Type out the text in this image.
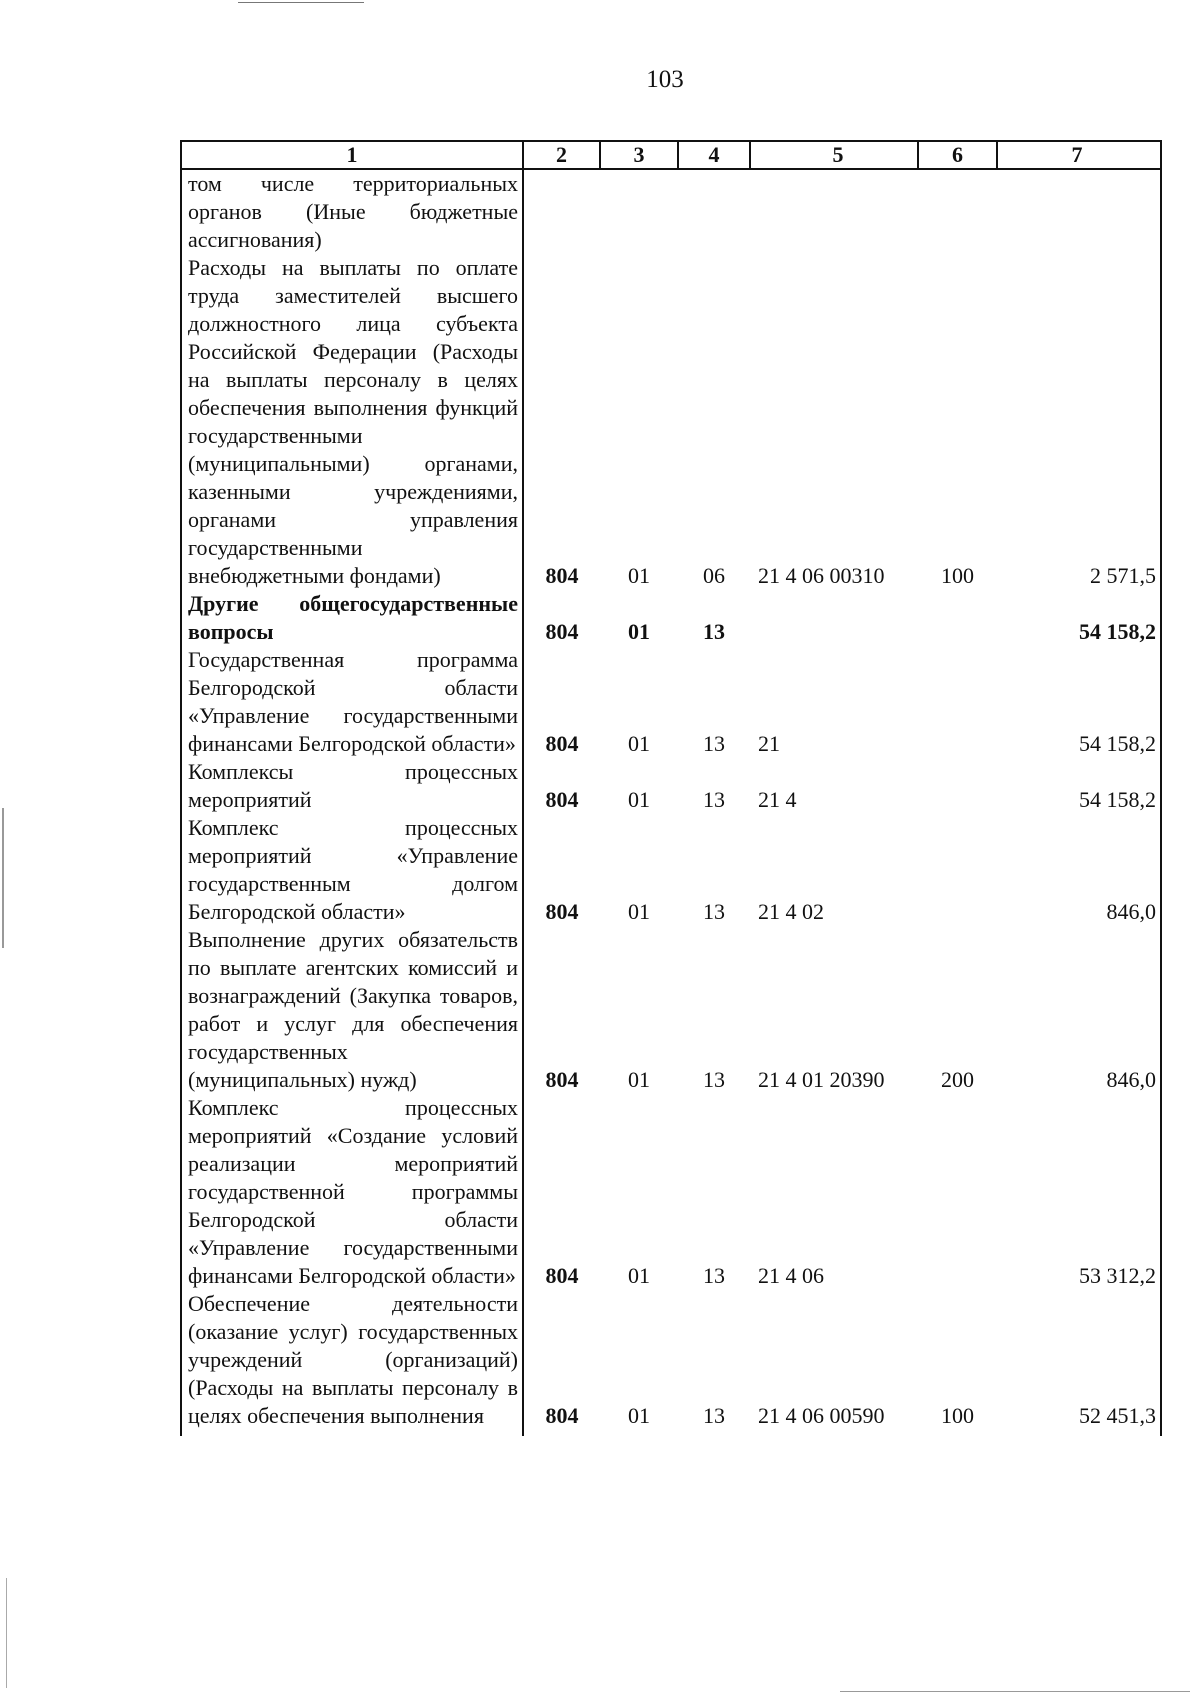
103
1	2	3	4	5	6	7

том числе территориальных органов (Иные бюджетные ассигнования)						

Расходы на выплаты по оплате труда заместителей высшего должностного лица субъекта Российской Федерации (Расходы на выплаты персоналу в целях обеспечения выполнения функций государственными (муниципальными) органами, казенными учреждениями, органами управления государственными внебюджетными фондами)	804	01	06	21 4 06 00310	100	2 571,5

Другие общегосударственные вопросы	804	01	13			54 158,2

Государственная программа Белгородской области «Управление государственными финансами Белгородской области»	804	01	13	21		54 158,2

Комплексы процессных мероприятий	804	01	13	21 4		54 158,2

Комплекс процессных мероприятий «Управление государственным долгом Белгородской области»	804	01	13	21 4 02		846,0

Выполнение других обязательств по выплате агентских комиссий и вознаграждений (Закупка товаров, работ и услуг для обеспечения государственных (муниципальных) нужд)	804	01	13	21 4 01 20390	200	846,0

Комплекс процессных мероприятий «Создание условий реализации мероприятий государственной программы Белгородской области «Управление государственными финансами Белгородской области»	804	01	13	21 4 06		53 312,2

Обеспечение деятельности (оказание услуг) государственных учреждений (организаций) (Расходы на выплаты персоналу в целях обеспечения выполнения	804	01	13	21 4 06 00590	100	52 451,3
